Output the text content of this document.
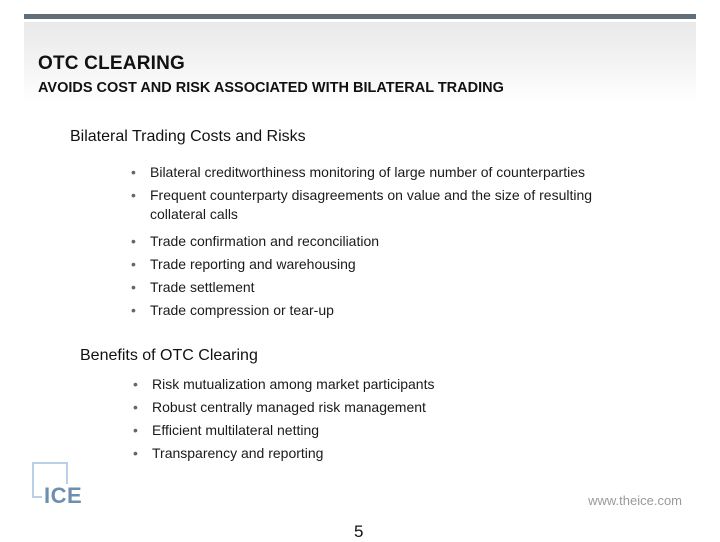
OTC CLEARING
AVOIDS COST AND RISK ASSOCIATED WITH BILATERAL TRADING
Bilateral Trading Costs and Risks
• Bilateral creditworthiness monitoring of large number of counterparties
• Frequent counterparty disagreements on value and the size of resulting
collateral calls
• Trade confirmation and reconciliation
• Trade reporting and warehousing
• Trade settlement
• Trade compression or tear-up
Benefits of OTC Clearing
• Risk mutualization among market participants
• Robust centrally managed risk management
• Efficient multilateral netting
• Transparency and reporting
ICE	www.theice.com
5
